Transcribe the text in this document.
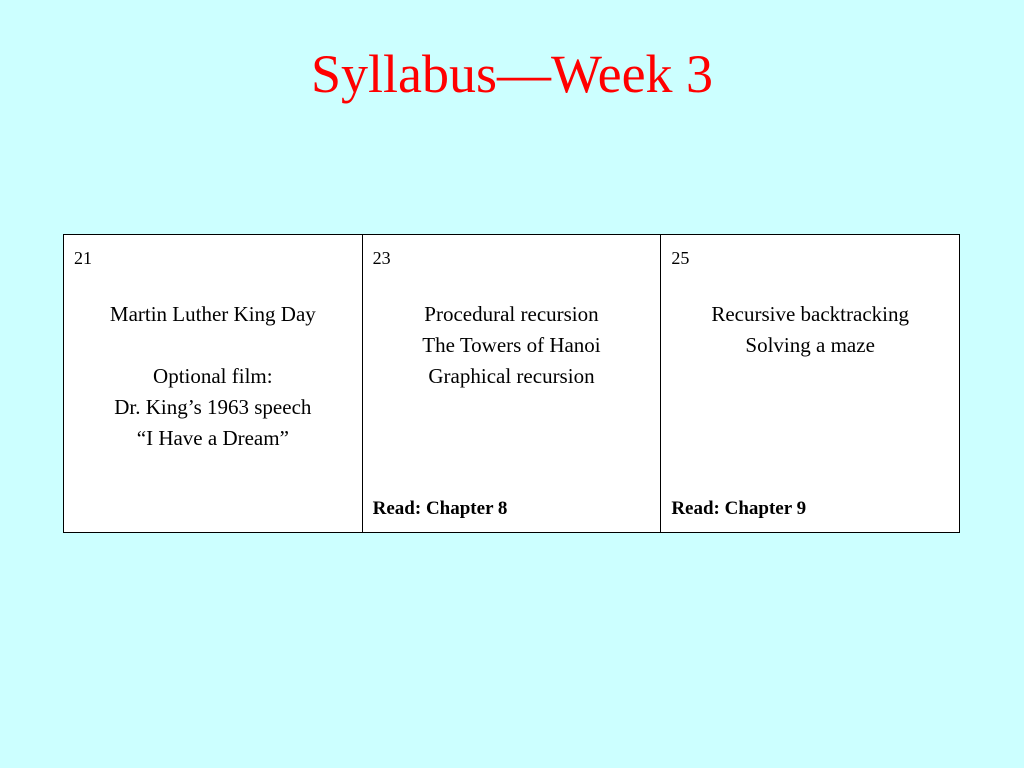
Syllabus—Week 3
21
Martin Luther King Day
Optional film:
Dr. King’s 1963 speech
“I Have a Dream”

23
Procedural recursion
The Towers of Hanoi
Graphical recursion
Read: Chapter 8

25
Recursive backtracking
Solving a maze
Read: Chapter 9
